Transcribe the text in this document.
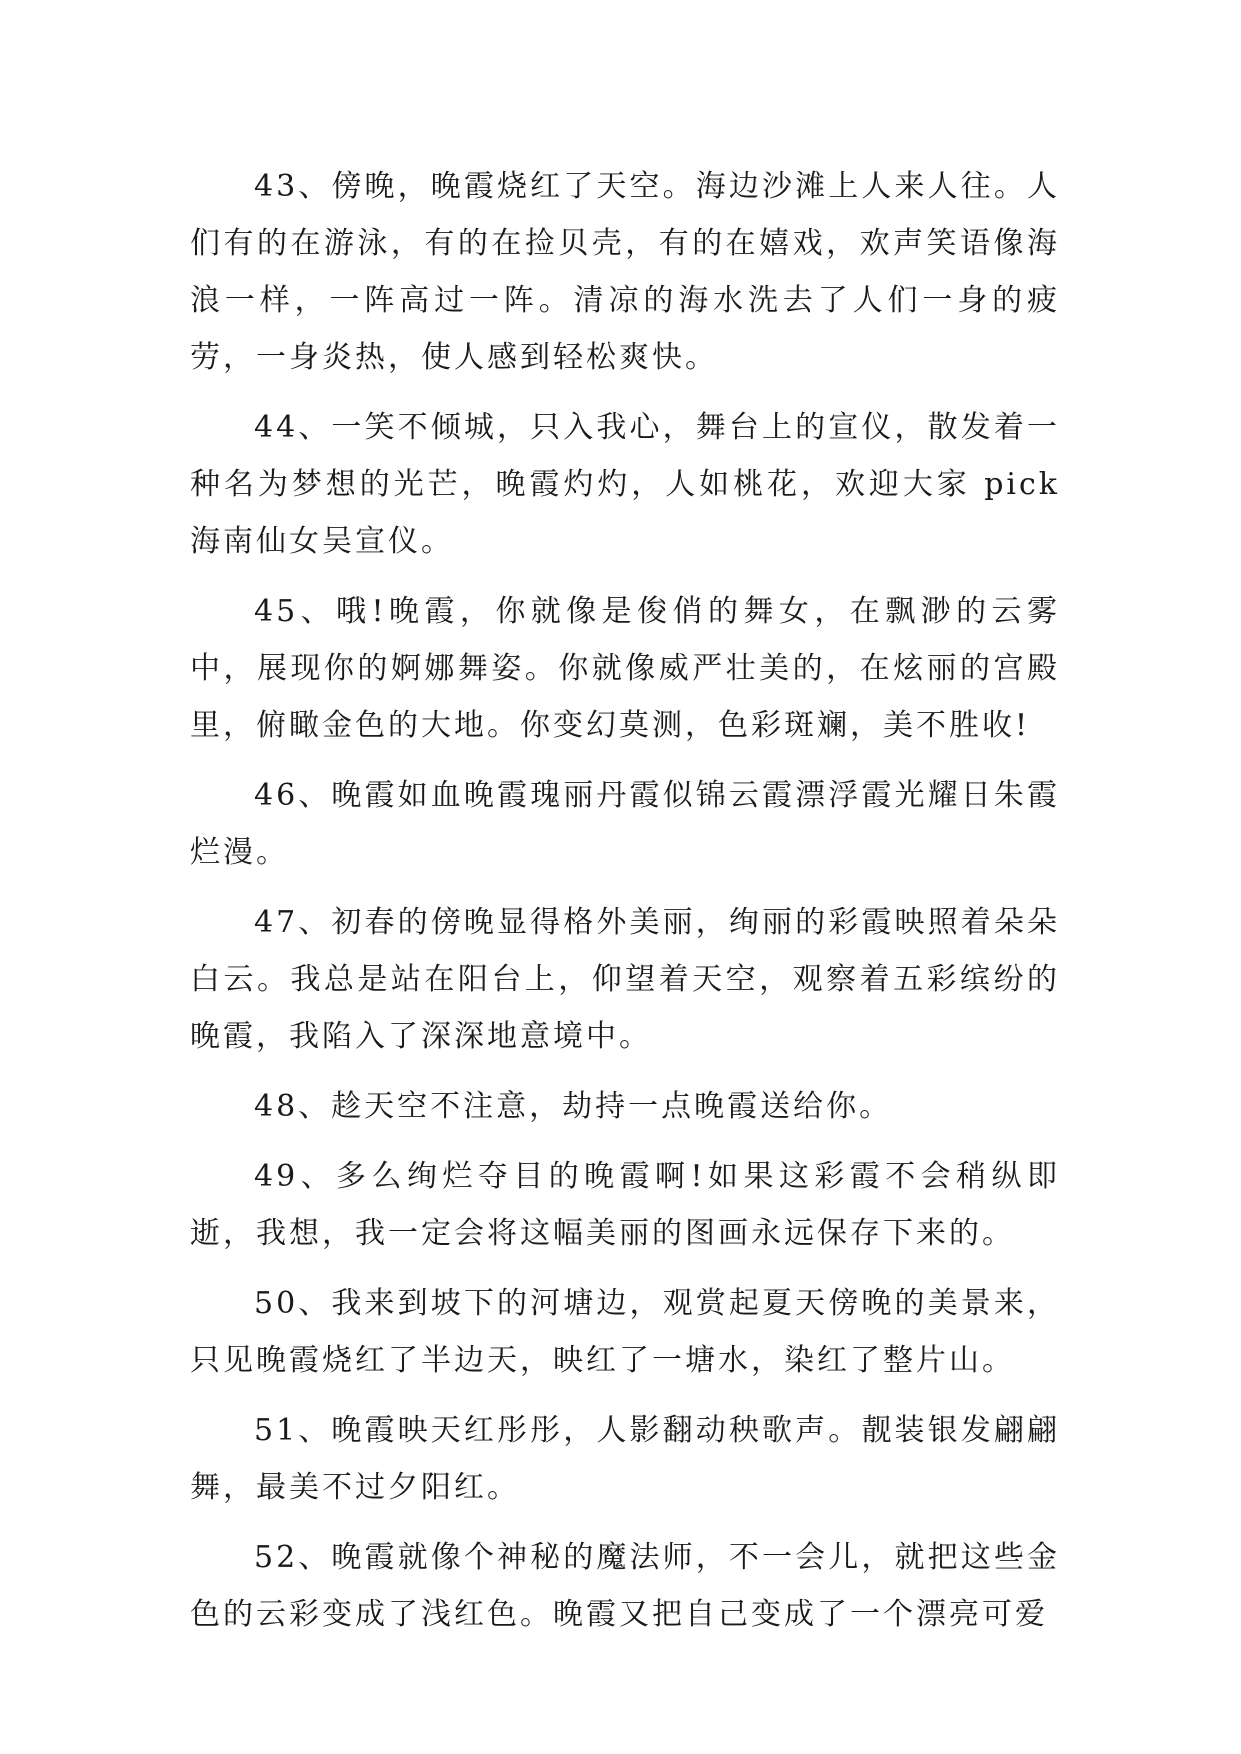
43、傍晚，晚霞烧红了天空。海边沙滩上人来人往。人们有的在游泳，有的在捡贝壳，有的在嬉戏，欢声笑语像海浪一样，一阵高过一阵。清凉的海水洗去了人们一身的疲劳，一身炎热，使人感到轻松爽快。

44、一笑不倾城，只入我心，舞台上的宣仪，散发着一种名为梦想的光芒，晚霞灼灼，人如桃花，欢迎大家 pick 海南仙女吴宣仪。

45、哦!晚霞，你就像是俊俏的舞女，在飘渺的云雾中，展现你的婀娜舞姿。你就像威严壮美的，在炫丽的宫殿里，俯瞰金色的大地。你变幻莫测，色彩斑斓，美不胜收!

46、晚霞如血晚霞瑰丽丹霞似锦云霞漂浮霞光耀日朱霞烂漫。

47、初春的傍晚显得格外美丽，绚丽的彩霞映照着朵朵白云。我总是站在阳台上，仰望着天空，观察着五彩缤纷的晚霞，我陷入了深深地意境中。

48、趁天空不注意，劫持一点晚霞送给你。

49、多么绚烂夺目的晚霞啊!如果这彩霞不会稍纵即逝，我想，我一定会将这幅美丽的图画永远保存下来的。

50、我来到坡下的河塘边，观赏起夏天傍晚的美景来，只见晚霞烧红了半边天，映红了一塘水，染红了整片山。

51、晚霞映天红彤彤，人影翻动秧歌声。靓装银发翩翩舞，最美不过夕阳红。

52、晚霞就像个神秘的魔法师，不一会儿，就把这些金色的云彩变成了浅红色。晚霞又把自己变成了一个漂亮可爱
